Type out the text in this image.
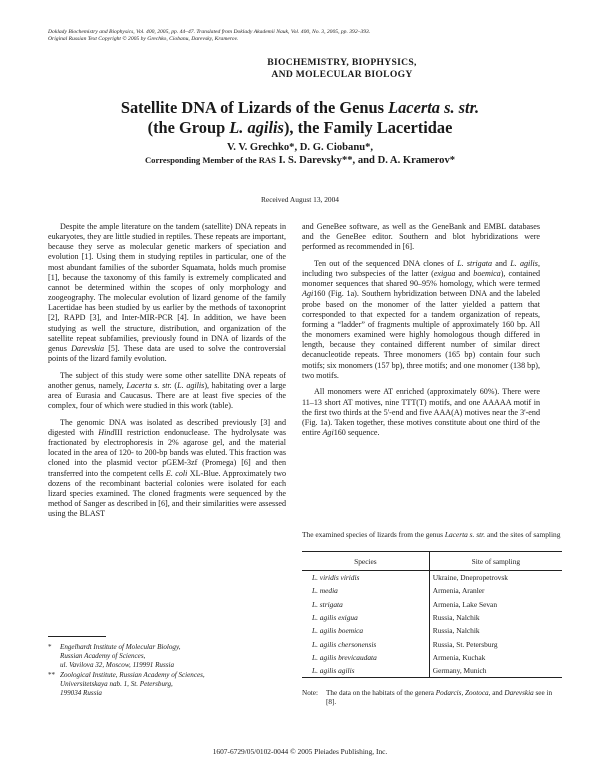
Doklady Biochemistry and Biophysics, Vol. 400, 2005, pp. 44–47. Translated from Doklady Akademii Nauk, Vol. 400, No. 3, 2005, pp. 392–393.
Original Russian Text Copyright © 2005 by Grechko, Ciobanu, Darevsky, Kramerov.
BIOCHEMISTRY, BIOPHYSICS,
AND MOLECULAR BIOLOGY
Satellite DNA of Lizards of the Genus Lacerta s. str.
(the Group L. agilis), the Family Lacertidae
V. V. Grechko*, D. G. Ciobanu*,
Corresponding Member of the RAS I. S. Darevsky**, and D. A. Kramerov*
Received August 13, 2004

Despite the ample literature on the tandem (satellite) DNA repeats in eukaryotes, they are little studied in reptiles. These repeats are important, because they serve as molecular genetic markers of speciation and evolution [1]. Using them in studying reptiles in particular, one of the most abundant families of the suborder Squamata, holds much promise [1], because the taxonomy of this family is extremely complicated and cannot be determined within the scopes of only morphology and zoogeography. The molecular evolution of lizard genome of the family Lacertidae has been studied by us earlier by the methods of taxonoprint [2], RAPD [3], and Inter-MIR-PCR [4]. In addition, we have been studying as well the structure, distribution, and organization of the satellite repeat subfamilies, previously found in DNA of lizards of the genus Darevskia [5]. These data are used to solve the controversial points of the lizard family evolution.

The subject of this study were some other satellite DNA repeats of another genus, namely, Lacerta s. str. (L. agilis), habitating over a large area of Eurasia and Caucasus. There are at least five species of the complex, four of which were studied in this work (table).

The genomic DNA was isolated as described previously [3] and digested with HindIII restriction endonuclease. The hydrolysate was fractionated by electrophoresis in 2% agarose gel, and the material located in the area of 120- to 200-bp bands was eluted. This fraction was cloned into the plasmid vector pGEM-3zf (Promega) [6] and then transferred into the competent cells E. coli XL-Blue. Approximately two dozens of the recombinant bacterial colonies were isolated for each lizard species examined. The cloned fragments were sequenced by the method of Sanger as described in [6], and their similarities were assessed using the BLAST

* Engelhardt Institute of Molecular Biology,
Russian Academy of Sciences,
ul. Vavilova 32, Moscow, 119991 Russia
** Zoological Institute, Russian Academy of Sciences,
Universitetskaya nab. 1, St. Petersburg,
199034 Russia

and GeneBee software, as well as the GeneBank and EMBL databases and the GeneBee editor. Southern and blot hybridizations were performed as recommended in [6].

Ten out of the sequenced DNA clones of L. strigata and L. agilis, including two subspecies of the latter (exigua and boemica), contained monomer sequences that shared 90–95% homology, which were termed Agi160 (Fig. 1a). Southern hybridization between DNA and the labeled probe based on the monomer of the latter yielded a pattern that corresponded to that expected for a tandem organization of repeats, forming a “ladder” of fragments multiple of approximately 160 bp. All the monomers examined were highly homologous though differed in length, because they contained different number of similar direct decanucleotide repeats. Three monomers (165 bp) contain four such motifs; six monomers (157 bp), three motifs; and one monomer (138 bp), two motifs.

All monomers were AT enriched (approximately 60%). There were 11–13 short AT motives, nine TTT(T) motifs, and one AAAAA motif in the first two thirds at the 5'-end and five AAA(A) motives near the 3'-end (Fig. 1a). Taken together, these motives constitute about one third of the entire Agi160 sequence.

The examined species of lizards from the genus Lacerta s. str. and the sites of sampling
Species	Site of sampling
L. viridis viridis	Ukraine, Dnepropetrovsk
L. media	Armenia, Aranler
L. strigata	Armenia, Lake Sevan
L. agilis exigua	Russia, Nalchik
L. agilis boemica	Russia, Nalchik
L. agilis chersonensis	Russia, St. Petersburg
L. agilis brevicaudata	Armenia, Kuchak
L. agilis agilis	Germany, Munich
Note:	The data on the habitats of the genera Podarcis, Zootoca, and Darevskia see in [8].
1607-6729/05/0102-0044 © 2005 Pleiades Publishing, Inc.
